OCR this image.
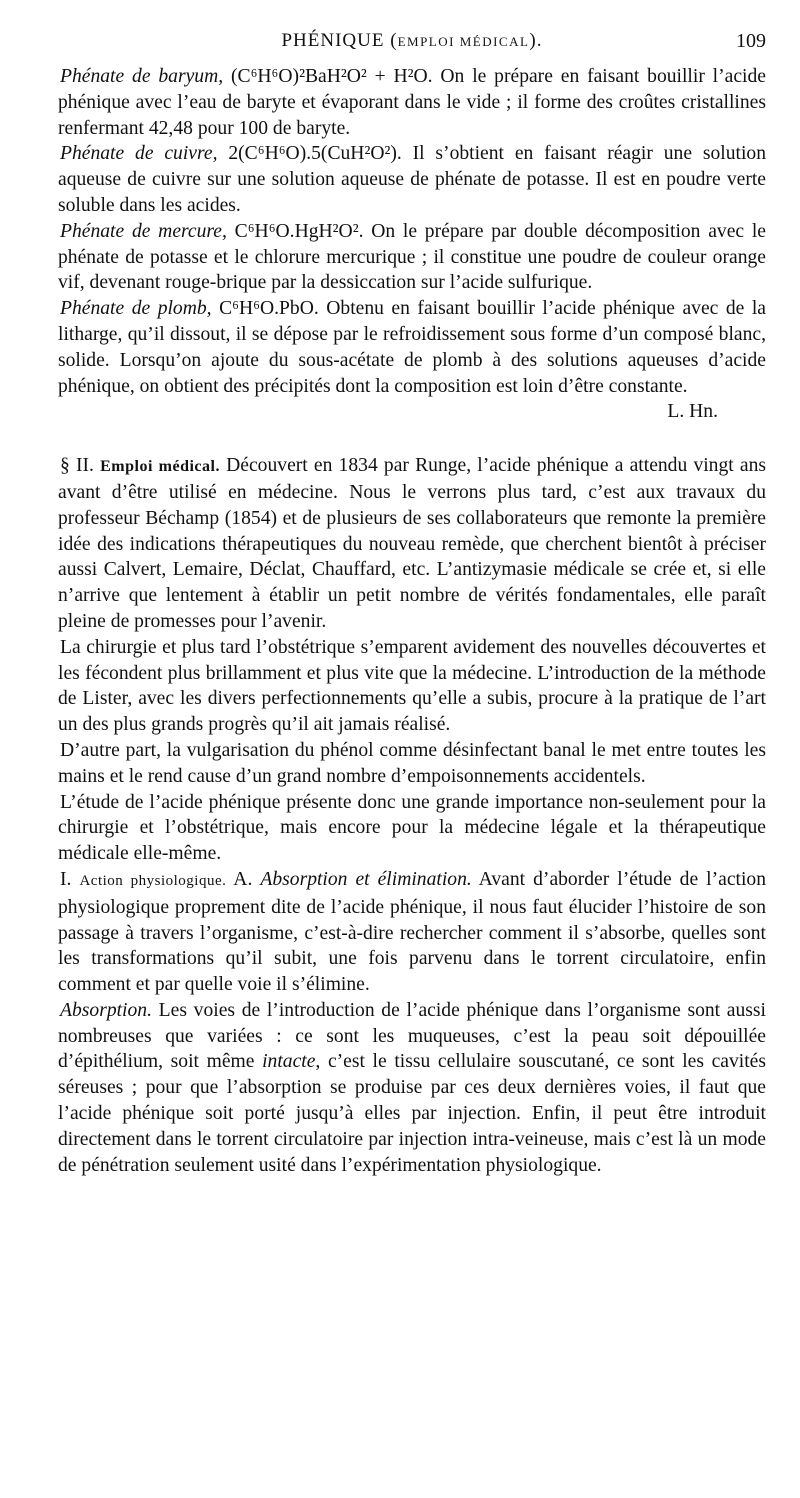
PHÉNIQUE (EMPLOI MÉDICAL).	109

Phénate de baryum, (C⁶H⁶O)²BaH²O² + H²O. On le prépare en faisant bouillir l’acide phénique avec l’eau de baryte et évaporant dans le vide ; il forme des croûtes cristallines renfermant 42,48 pour 100 de baryte.

Phénate de cuivre, 2(C⁶H⁶O).5(CuH²O²). Il s’obtient en faisant réagir une solution aqueuse de cuivre sur une solution aqueuse de phénate de potasse. Il est en poudre verte soluble dans les acides.

Phénate de mercure, C⁶H⁶O.HgH²O². On le prépare par double décomposition avec le phénate de potasse et le chlorure mercurique ; il constitue une poudre de couleur orange vif, devenant rouge-brique par la dessiccation sur l’acide sulfurique.

Phénate de plomb, C⁶H⁶O.PbO. Obtenu en faisant bouillir l’acide phénique avec de la litharge, qu’il dissout, il se dépose par le refroidissement sous forme d’un composé blanc, solide. Lorsqu’on ajoute du sous-acétate de plomb à des solutions aqueuses d’acide phénique, on obtient des précipités dont la composition est loin d’être constante.

L. Hn.

§ II. Emploi médical. Découvert en 1834 par Runge, l’acide phénique a attendu vingt ans avant d’être utilisé en médecine. Nous le verrons plus tard, c’est aux travaux du professeur Béchamp (1854) et de plusieurs de ses collaborateurs que remonte la première idée des indications thérapeutiques du nouveau remède, que cherchent bientôt à préciser aussi Calvert, Lemaire, Déclat, Chauffard, etc. L’antizymasie médicale se crée et, si elle n’arrive que lentement à établir un petit nombre de vérités fondamentales, elle paraît pleine de promesses pour l’avenir.

La chirurgie et plus tard l’obstétrique s’emparent avidement des nouvelles découvertes et les fécondent plus brillamment et plus vite que la médecine. L’introduction de la méthode de Lister, avec les divers perfectionnements qu’elle a subis, procure à la pratique de l’art un des plus grands progrès qu’il ait jamais réalisé.

D’autre part, la vulgarisation du phénol comme désinfectant banal le met entre toutes les mains et le rend cause d’un grand nombre d’empoisonnements accidentels.

L’étude de l’acide phénique présente donc une grande importance non-seulement pour la chirurgie et l’obstétrique, mais encore pour la médecine légale et la thérapeutique médicale elle-même.

I. Action physiologique. A. Absorption et élimination. Avant d’aborder l’étude de l’action physiologique proprement dite de l’acide phénique, il nous faut élucider l’histoire de son passage à travers l’organisme, c’est-à-dire rechercher comment il s’absorbe, quelles sont les transformations qu’il subit, une fois parvenu dans le torrent circulatoire, enfin comment et par quelle voie il s’élimine.

Absorption. Les voies de l’introduction de l’acide phénique dans l’organisme sont aussi nombreuses que variées : ce sont les muqueuses, c’est la peau soit dépouillée d’épithélium, soit même intacte, c’est le tissu cellulaire souscutané, ce sont les cavités séreuses ; pour que l’absorption se produise par ces deux dernières voies, il faut que l’acide phénique soit porté jusqu’à elles par injection. Enfin, il peut être introduit directement dans le torrent circulatoire par injection intra-veineuse, mais c’est là un mode de pénétration seulement usité dans l’expérimentation physiologique.
